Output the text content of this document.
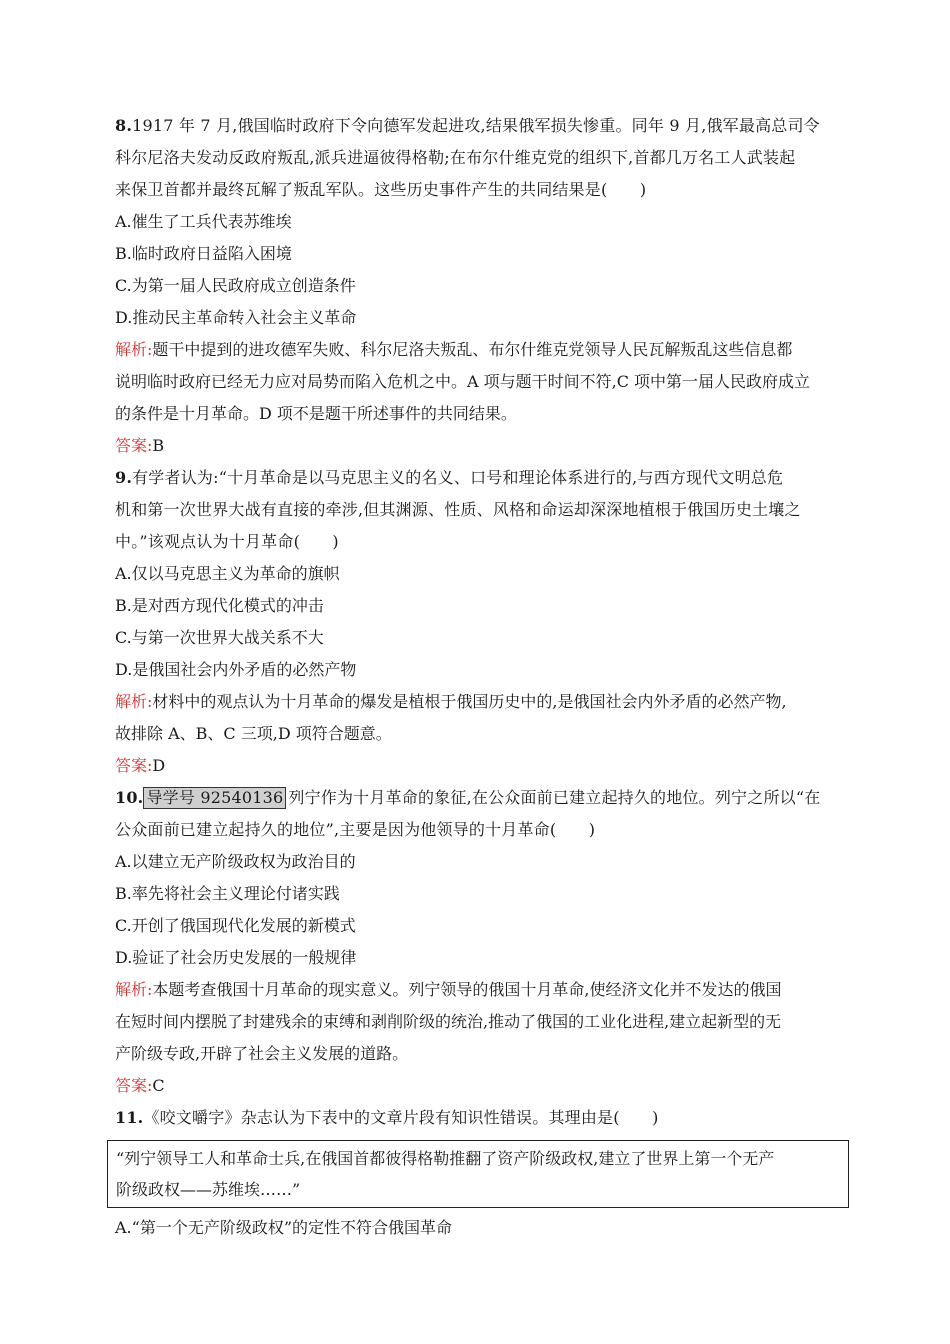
8.1917 年 7 月,俄国临时政府下令向德军发起进攻,结果俄军损失惨重。同年 9 月,俄军最高总司令
科尔尼洛夫发动反政府叛乱,派兵进逼彼得格勒;在布尔什维克党的组织下,首都几万名工人武装起
来保卫首都并最终瓦解了叛乱军队。这些历史事件产生的共同结果是(　　)
A.催生了工兵代表苏维埃
B.临时政府日益陷入困境
C.为第一届人民政府成立创造条件
D.推动民主革命转入社会主义革命
解析:题干中提到的进攻德军失败、科尔尼洛夫叛乱、布尔什维克党领导人民瓦解叛乱这些信息都
说明临时政府已经无力应对局势而陷入危机之中。A 项与题干时间不符,C 项中第一届人民政府成立
的条件是十月革命。D 项不是题干所述事件的共同结果。
答案:B
9.有学者认为:“十月革命是以马克思主义的名义、口号和理论体系进行的,与西方现代文明总危
机和第一次世界大战有直接的牵涉,但其渊源、性质、风格和命运却深深地植根于俄国历史土壤之
中。”该观点认为十月革命(　　)
A.仅以马克思主义为革命的旗帜
B.是对西方现代化模式的冲击
C.与第一次世界大战关系不大
D.是俄国社会内外矛盾的必然产物
解析:材料中的观点认为十月革命的爆发是植根于俄国历史中的,是俄国社会内外矛盾的必然产物,
故排除 A、B、C 三项,D 项符合题意。
答案:D
10. 导学号 92540136 列宁作为十月革命的象征,在公众面前已建立起持久的地位。列宁之所以“在
公众面前已建立起持久的地位”,主要是因为他领导的十月革命(　　)
A.以建立无产阶级政权为政治目的
B.率先将社会主义理论付诸实践
C.开创了俄国现代化发展的新模式
D.验证了社会历史发展的一般规律
解析:本题考查俄国十月革命的现实意义。列宁领导的俄国十月革命,使经济文化并不发达的俄国
在短时间内摆脱了封建残余的束缚和剥削阶级的统治,推动了俄国的工业化进程,建立起新型的无
产阶级专政,开辟了社会主义发展的道路。
答案:C
11.《咬文嚼字》杂志认为下表中的文章片段有知识性错误。其理由是(　　)
“列宁领导工人和革命士兵,在俄国首都彼得格勒推翻了资产阶级政权,建立了世界上第一个无产
阶级政权——苏维埃……”
A.“第一个无产阶级政权”的定性不符合俄国革命
